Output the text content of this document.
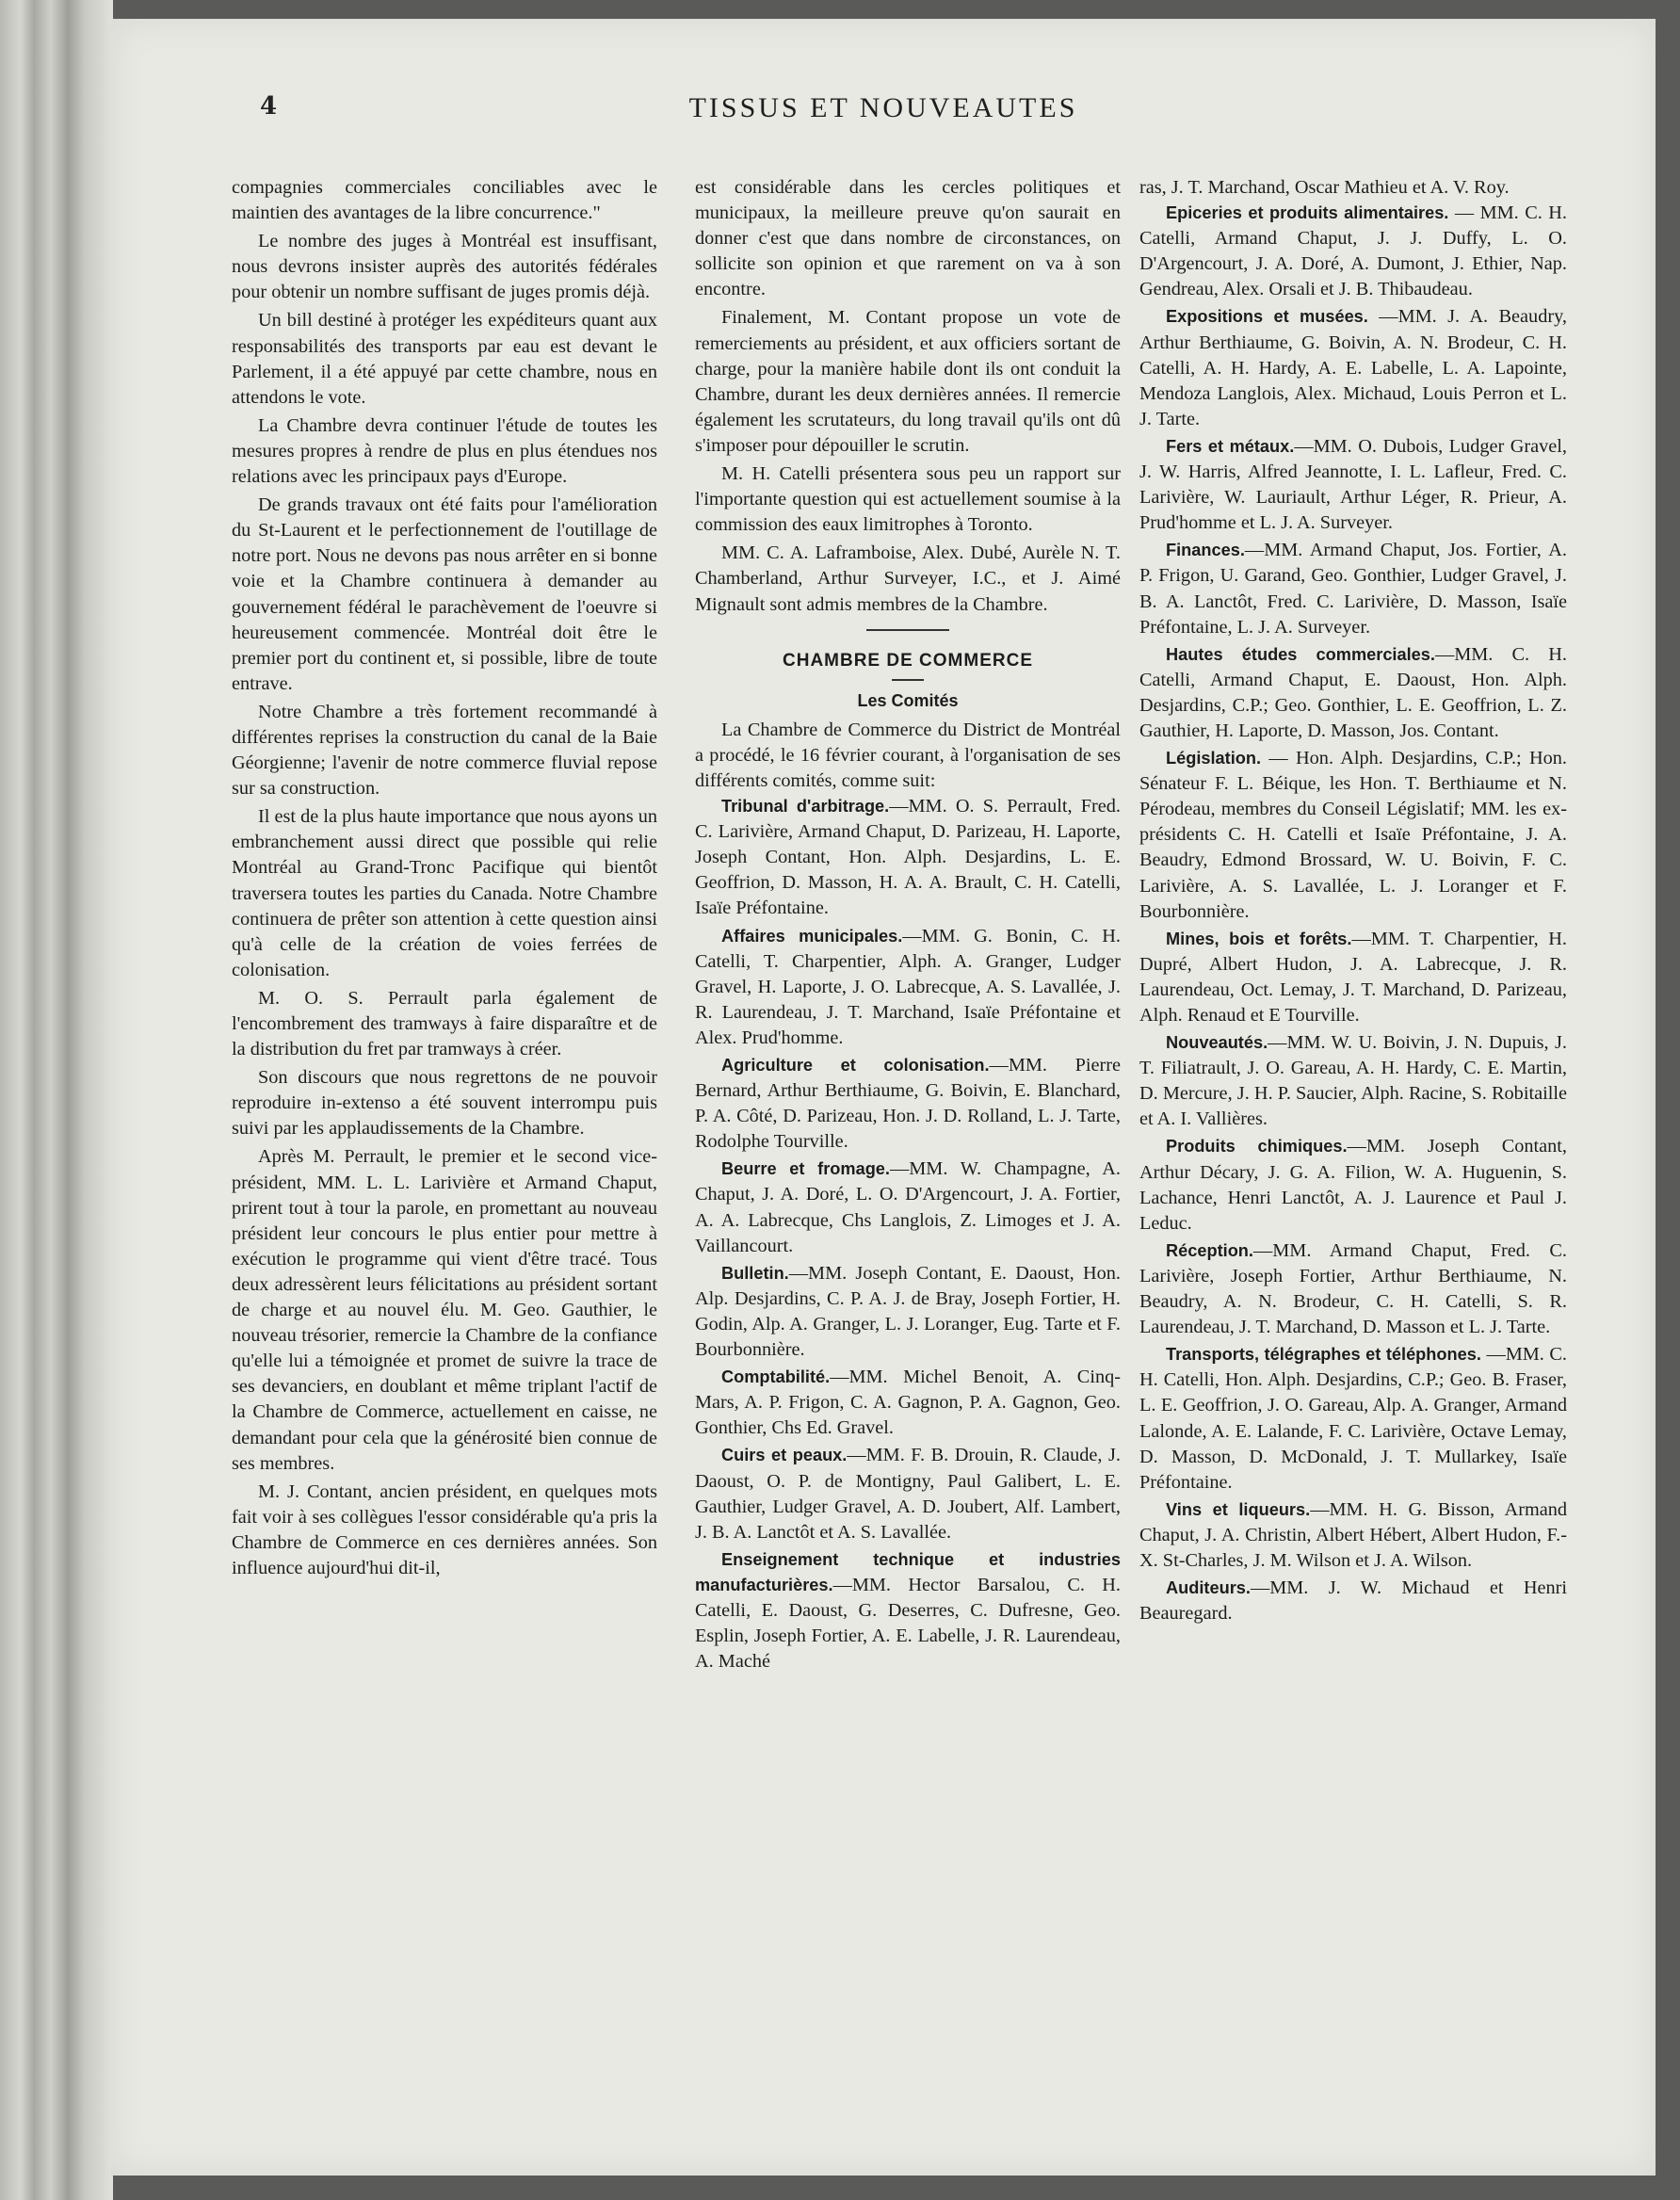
4	TISSUS ET NOUVEAUTES

compagnies commerciales conciliables avec le maintien des avantages de la libre concurrence."

Le nombre des juges à Montréal est insuffisant, nous devrons insister auprès des autorités fédérales pour obtenir un nombre suffisant de juges promis déjà.

Un bill destiné à protéger les expéditeurs quant aux responsabilités des transports par eau est devant le Parlement, il a été appuyé par cette chambre, nous en attendons le vote.

La Chambre devra continuer l'étude de toutes les mesures propres à rendre de plus en plus étendues nos relations avec les principaux pays d'Europe.

De grands travaux ont été faits pour l'amélioration du St-Laurent et le perfectionnement de l'outillage de notre port. Nous ne devons pas nous arrêter en si bonne voie et la Chambre continuera à demander au gouvernement fédéral le parachèvement de l'oeuvre si heureusement commencée. Montréal doit être le premier port du continent et, si possible, libre de toute entrave.

Notre Chambre a très fortement recommandé à différentes reprises la construction du canal de la Baie Géorgienne; l'avenir de notre commerce fluvial repose sur sa construction.

Il est de la plus haute importance que nous ayons un embranchement aussi direct que possible qui relie Montréal au Grand-Tronc Pacifique qui bientôt traversera toutes les parties du Canada. Notre Chambre continuera de prêter son attention à cette question ainsi qu'à celle de la création de voies ferrées de colonisation.

M. O. S. Perrault parla également de l'encombrement des tramways à faire disparaître et de la distribution du fret par tramways à créer.

Son discours que nous regrettons de ne pouvoir reproduire in-extenso a été souvent interrompu puis suivi par les applaudissements de la Chambre.

Après M. Perrault, le premier et le second vice-président, MM. L. L. Larivière et Armand Chaput, prirent tout à tour la parole, en promettant au nouveau président leur concours le plus entier pour mettre à exécution le programme qui vient d'être tracé. Tous deux adressèrent leurs félicitations au président sortant de charge et au nouvel élu. M. Geo. Gauthier, le nouveau trésorier, remercie la Chambre de la confiance qu'elle lui a témoignée et promet de suivre la trace de ses devanciers, en doublant et même triplant l'actif de la Chambre de Commerce, actuellement en caisse, ne demandant pour cela que la générosité bien connue de ses membres.

M. J. Contant, ancien président, en quelques mots fait voir à ses collègues l'essor considérable qu'a pris la Chambre de Commerce en ces dernières années. Son influence aujourd'hui dit-il,

est considérable dans les cercles politiques et municipaux, la meilleure preuve qu'on saurait en donner c'est que dans nombre de circonstances, on sollicite son opinion et que rarement on va à son encontre.

Finalement, M. Contant propose un vote de remerciements au président, et aux officiers sortant de charge, pour la manière habile dont ils ont conduit la Chambre, durant les deux dernières années. Il remercie également les scrutateurs, du long travail qu'ils ont dû s'imposer pour dépouiller le scrutin.

M. H. Catelli présentera sous peu un rapport sur l'importante question qui est actuellement soumise à la commission des eaux limitrophes à Toronto.

MM. C. A. Laframboise, Alex. Dubé, Aurèle N. T. Chamberland, Arthur Surveyer, I.C., et J. Aimé Mignault sont admis membres de la Chambre.

CHAMBRE DE COMMERCE
Les Comités

La Chambre de Commerce du District de Montréal a procédé, le 16 février courant, à l'organisation de ses différents comités, comme suit:

Tribunal d'arbitrage.—MM. O. S. Perrault, Fred. C. Larivière, Armand Chaput, D. Parizeau, H. Laporte, Joseph Contant, Hon. Alph. Desjardins, L. E. Geoffrion, D. Masson, H. A. A. Brault, C. H. Catelli, Isaïe Préfontaine.

Affaires municipales.—MM. G. Bonin, C. H. Catelli, T. Charpentier, Alph. A. Granger, Ludger Gravel, H. Laporte, J. O. Labrecque, A. S. Lavallée, J. R. Laurendeau, J. T. Marchand, Isaïe Préfontaine et Alex. Prud'homme.

Agriculture et colonisation.—MM. Pierre Bernard, Arthur Berthiaume, G. Boivin, E. Blanchard, P. A. Côté, D. Parizeau, Hon. J. D. Rolland, L. J. Tarte, Rodolphe Tourville.

Beurre et fromage.—MM. W. Champagne, A. Chaput, J. A. Doré, L. O. D'Argencourt, J. A. Fortier, A. A. Labrecque, Chs Langlois, Z. Limoges et J. A. Vaillancourt.

Bulletin.—MM. Joseph Contant, E. Daoust, Hon. Alp. Desjardins, C. P. A. J. de Bray, Joseph Fortier, H. Godin, Alp. A. Granger, L. J. Loranger, Eug. Tarte et F. Bourbonnière.

Comptabilité.—MM. Michel Benoit, A. Cinq-Mars, A. P. Frigon, C. A. Gagnon, P. A. Gagnon, Geo. Gonthier, Chs Ed. Gravel.

Cuirs et peaux.—MM. F. B. Drouin, R. Claude, J. Daoust, O. P. de Montigny, Paul Galibert, L. E. Gauthier, Ludger Gravel, A. D. Joubert, Alf. Lambert, J. B. A. Lanctôt et A. S. Lavallée.

Enseignement technique et industries manufacturières.—MM. Hector Barsalou, C. H. Catelli, E. Daoust, G. Deserres, C. Dufresne, Geo. Esplin, Joseph Fortier, A. E. Labelle, J. R. Laurendeau, A. Maché

ras, J. T. Marchand, Oscar Mathieu et A. V. Roy.

Epiceries et produits alimentaires. — MM. C. H. Catelli, Armand Chaput, J. J. Duffy, L. O. D'Argencourt, J. A. Doré, A. Dumont, J. Ethier, Nap. Gendreau, Alex. Orsali et J. B. Thibaudeau.

Expositions et musées. —MM. J. A. Beaudry, Arthur Berthiaume, G. Boivin, A. N. Brodeur, C. H. Catelli, A. H. Hardy, A. E. Labelle, L. A. Lapointe, Mendoza Langlois, Alex. Michaud, Louis Perron et L. J. Tarte.

Fers et métaux.—MM. O. Dubois, Ludger Gravel, J. W. Harris, Alfred Jeannotte, I. L. Lafleur, Fred. C. Larivière, W. Lauriault, Arthur Léger, R. Prieur, A. Prud'homme et L. J. A. Surveyer.

Finances.—MM. Armand Chaput, Jos. Fortier, A. P. Frigon, U. Garand, Geo. Gonthier, Ludger Gravel, J. B. A. Lanctôt, Fred. C. Larivière, D. Masson, Isaïe Préfontaine, L. J. A. Surveyer.

Hautes études commerciales.—MM. C. H. Catelli, Armand Chaput, E. Daoust, Hon. Alph. Desjardins, C.P.; Geo. Gonthier, L. E. Geoffrion, L. Z. Gauthier, H. Laporte, D. Masson, Jos. Contant.

Législation. — Hon. Alph. Desjardins, C.P.; Hon. Sénateur F. L. Béique, les Hon. T. Berthiaume et N. Pérodeau, membres du Conseil Législatif; MM. les ex-présidents C. H. Catelli et Isaïe Préfontaine, J. A. Beaudry, Edmond Brossard, W. U. Boivin, F. C. Larivière, A. S. Lavallée, L. J. Loranger et F. Bourbonnière.

Mines, bois et forêts.—MM. T. Charpentier, H. Dupré, Albert Hudon, J. A. Labrecque, J. R. Laurendeau, Oct. Lemay, J. T. Marchand, D. Parizeau, Alph. Renaud et E Tourville.

Nouveautés.—MM. W. U. Boivin, J. N. Dupuis, J. T. Filiatrault, J. O. Gareau, A. H. Hardy, C. E. Martin, D. Mercure, J. H. P. Saucier, Alph. Racine, S. Robitaille et A. I. Vallières.

Produits chimiques.—MM. Joseph Contant, Arthur Décary, J. G. A. Filion, W. A. Huguenin, S. Lachance, Henri Lanctôt, A. J. Laurence et Paul J. Leduc.

Réception.—MM. Armand Chaput, Fred. C. Larivière, Joseph Fortier, Arthur Berthiaume, N. Beaudry, A. N. Brodeur, C. H. Catelli, S. R. Laurendeau, J. T. Marchand, D. Masson et L. J. Tarte.

Transports, télégraphes et téléphones. —MM. C. H. Catelli, Hon. Alph. Desjardins, C.P.; Geo. B. Fraser, L. E. Geoffrion, J. O. Gareau, Alp. A. Granger, Armand Lalonde, A. E. Lalande, F. C. Larivière, Octave Lemay, D. Masson, D. McDonald, J. T. Mullarkey, Isaïe Préfontaine.

Vins et liqueurs.—MM. H. G. Bisson, Armand Chaput, J. A. Christin, Albert Hébert, Albert Hudon, F.-X. St-Charles, J. M. Wilson et J. A. Wilson.

Auditeurs.—MM. J. W. Michaud et Henri Beauregard.
